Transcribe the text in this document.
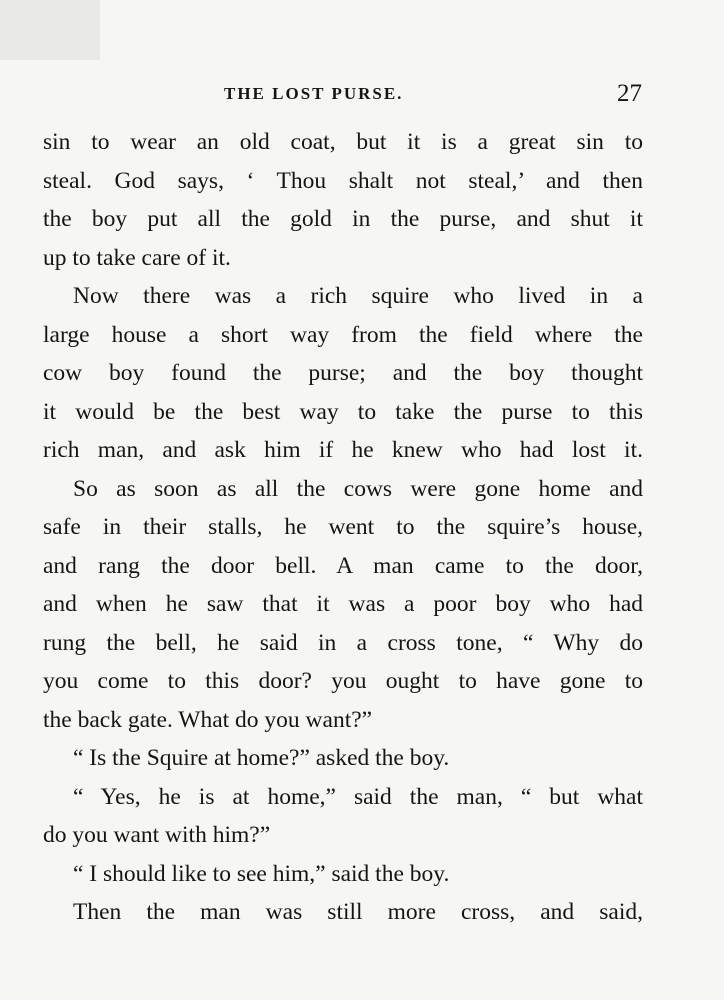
THE LOST PURSE.	27
sin to wear an old coat, but it is a great sin to
steal. God says, ‘ Thou shalt not steal,’ and then
the boy put all the gold in the purse, and shut it
up to take care of it.
Now there was a rich squire who lived in a
large house a short way from the field where the
cow boy found the purse; and the boy thought
it would be the best way to take the purse to this
rich man, and ask him if he knew who had lost it.
So as soon as all the cows were gone home and
safe in their stalls, he went to the squire’s house,
and rang the door bell. A man came to the door,
and when he saw that it was a poor boy who had
rung the bell, he said in a cross tone, “ Why do
you come to this door? you ought to have gone to
the back gate. What do you want?”
“ Is the Squire at home?” asked the boy.
“ Yes, he is at home,” said the man, “ but what
do you want with him?”
“ I should like to see him,” said the boy.
Then the man was still more cross, and said,
